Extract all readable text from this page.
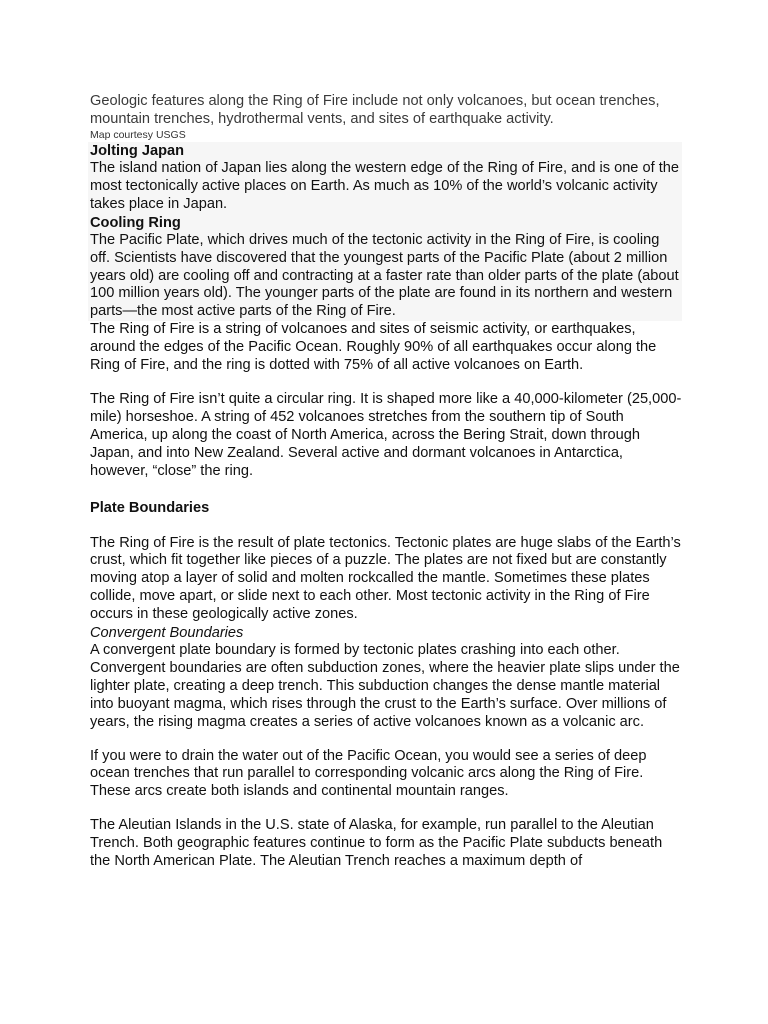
Geologic features along the Ring of Fire include not only volcanoes, but ocean trenches, mountain trenches, hydrothermal vents, and sites of earthquake activity.

Map courtesy USGS

Jolting Japan

The island nation of Japan lies along the western edge of the Ring of Fire, and is one of the most tectonically active places on Earth. As much as 10% of the world’s volcanic activity takes place in Japan.

Cooling Ring

The Pacific Plate, which drives much of the tectonic activity in the Ring of Fire, is cooling off. Scientists have discovered that the youngest parts of the Pacific Plate (about 2 million years old) are cooling off and contracting at a faster rate than older parts of the plate (about 100 million years old). The younger parts of the plate are found in its northern and western parts—the most active parts of the Ring of Fire.

The Ring of Fire is a string of volcanoes and sites of seismic activity, or earthquakes, around the edges of the Pacific Ocean. Roughly 90% of all earthquakes occur along the Ring of Fire, and the ring is dotted with 75% of all active volcanoes on Earth.

The Ring of Fire isn’t quite a circular ring. It is shaped more like a 40,000-kilometer (25,000-mile) horseshoe. A string of 452 volcanoes stretches from the southern tip of South America, up along the coast of North America, across the Bering Strait, down through Japan, and into New Zealand. Several active and dormant volcanoes in Antarctica, however, “close” the ring.

Plate Boundaries

The Ring of Fire is the result of plate tectonics. Tectonic plates are huge slabs of the Earth’s crust, which fit together like pieces of a puzzle. The plates are not fixed but are constantly moving atop a layer of solid and molten rockcalled the mantle. Sometimes these plates collide, move apart, or slide next to each other. Most tectonic activity in the Ring of Fire occurs in these geologically active zones.

Convergent Boundaries

A convergent plate boundary is formed by tectonic plates crashing into each other. Convergent boundaries are often subduction zones, where the heavier plate slips under the lighter plate, creating a deep trench. This subduction changes the dense mantle material into buoyant magma, which rises through the crust to the Earth’s surface. Over millions of years, the rising magma creates a series of active volcanoes known as a volcanic arc.

If you were to drain the water out of the Pacific Ocean, you would see a series of deep ocean trenches that run parallel to corresponding volcanic arcs along the Ring of Fire. These arcs create both islands and continental mountain ranges.

The Aleutian Islands in the U.S. state of Alaska, for example, run parallel to the Aleutian Trench. Both geographic features continue to form as the Pacific Plate subducts beneath the North American Plate. The Aleutian Trench reaches a maximum depth of
